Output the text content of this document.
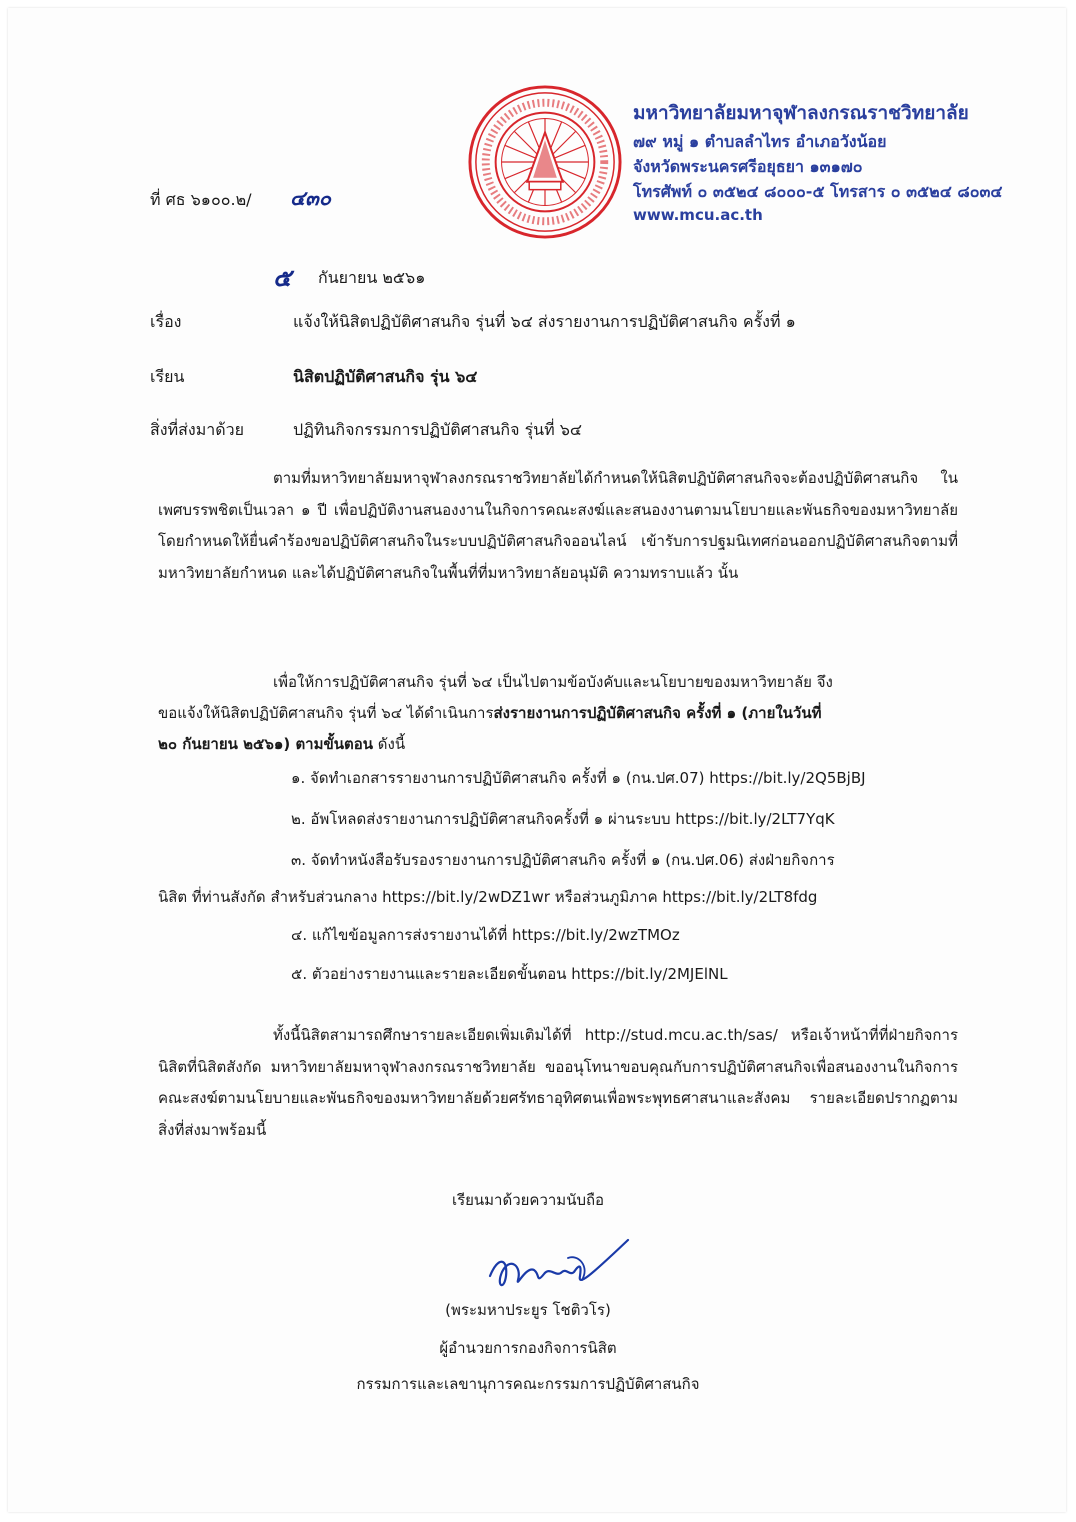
มหาวิทยาลัยมหาจุฬาลงกรณราชวิทยาลัย
๗๙ หมู่ ๑ ตำบลลำไทร อำเภอวังน้อย
จังหวัดพระนครศรีอยุธยา ๑๓๑๗๐
โทรศัพท์ ๐ ๓๕๒๔ ๘๐๐๐-๕ โทรสาร ๐ ๓๕๒๔ ๘๐๓๔
www.mcu.ac.th
ที่ ศธ ๖๑๐๐.๒/ ๔๓๐
๕ กันยายน ๒๕๖๑
เรื่อง	แจ้งให้นิสิตปฏิบัติศาสนกิจ รุ่นที่ ๖๔ ส่งรายงานการปฏิบัติศาสนกิจ ครั้งที่ ๑
เรียน	นิสิตปฏิบัติศาสนกิจ รุ่น ๖๔
สิ่งที่ส่งมาด้วย	ปฏิทินกิจกรรมการปฏิบัติศาสนกิจ รุ่นที่ ๖๔
ตามที่มหาวิทยาลัยมหาจุฬาลงกรณราชวิทยาลัยได้กำหนดให้นิสิตปฏิบัติศาสนกิจจะต้องปฏิบัติศาสนกิจ ในเพศบรรพชิตเป็นเวลา ๑ ปี เพื่อปฏิบัติงานสนองงานในกิจการคณะสงฆ์และสนองงานตามนโยบายและพันธกิจของมหาวิทยาลัย โดยกำหนดให้ยื่นคำร้องขอปฏิบัติศาสนกิจในระบบปฏิบัติศาสนกิจออนไลน์ เข้ารับการปฐมนิเทศก่อนออกปฏิบัติศาสนกิจตามที่มหาวิทยาลัยกำหนด และได้ปฏิบัติศาสนกิจในพื้นที่ที่มหาวิทยาลัยอนุมัติ ความทราบแล้ว นั้น
เพื่อให้การปฏิบัติศาสนกิจ รุ่นที่ ๖๔ เป็นไปตามข้อบังคับและนโยบายของมหาวิทยาลัย จึง
ขอแจ้งให้นิสิตปฏิบัติศาสนกิจ รุ่นที่ ๖๔ ได้ดำเนินการส่งรายงานการปฏิบัติศาสนกิจ ครั้งที่ ๑ (ภายในวันที่
๒๐ กันยายน ๒๕๖๑) ตามขั้นตอน ดังนี้
๑. จัดทำเอกสารรายงานการปฏิบัติศาสนกิจ ครั้งที่ ๑ (กน.ปศ.07) https://bit.ly/2Q5BjBJ
๒. อัพโหลดส่งรายงานการปฏิบัติศาสนกิจครั้งที่ ๑ ผ่านระบบ https://bit.ly/2LT7YqK
๓. จัดทำหนังสือรับรองรายงานการปฏิบัติศาสนกิจ ครั้งที่ ๑ (กน.ปศ.06) ส่งฝ่ายกิจการ
นิสิต ที่ท่านสังกัด สำหรับส่วนกลาง https://bit.ly/2wDZ1wr หรือส่วนภูมิภาค https://bit.ly/2LT8fdg
๔. แก้ไขข้อมูลการส่งรายงานได้ที่ https://bit.ly/2wzTMOz
๕. ตัวอย่างรายงานและรายละเอียดขั้นตอน https://bit.ly/2MJElNL
ทั้งนี้นิสิตสามารถศึกษารายละเอียดเพิ่มเติมได้ที่ http://stud.mcu.ac.th/sas/ หรือเจ้าหน้าที่ที่ฝ่ายกิจการนิสิตที่นิสิตสังกัด มหาวิทยาลัยมหาจุฬาลงกรณราชวิทยาลัย ขออนุโทนาขอบคุณกับการปฏิบัติศาสนกิจเพื่อสนองงานในกิจการคณะสงฆ์ตามนโยบายและพันธกิจของมหาวิทยาลัยด้วยศรัทธาอุทิศตนเพื่อพระพุทธศาสนาและสังคม รายละเอียดปรากฏตามสิ่งที่ส่งมาพร้อมนี้
เรียนมาด้วยความนับถือ
(พระมหาประยูร โชติวโร)
ผู้อำนวยการกองกิจการนิสิต
กรรมการและเลขานุการคณะกรรมการปฏิบัติศาสนกิจ
